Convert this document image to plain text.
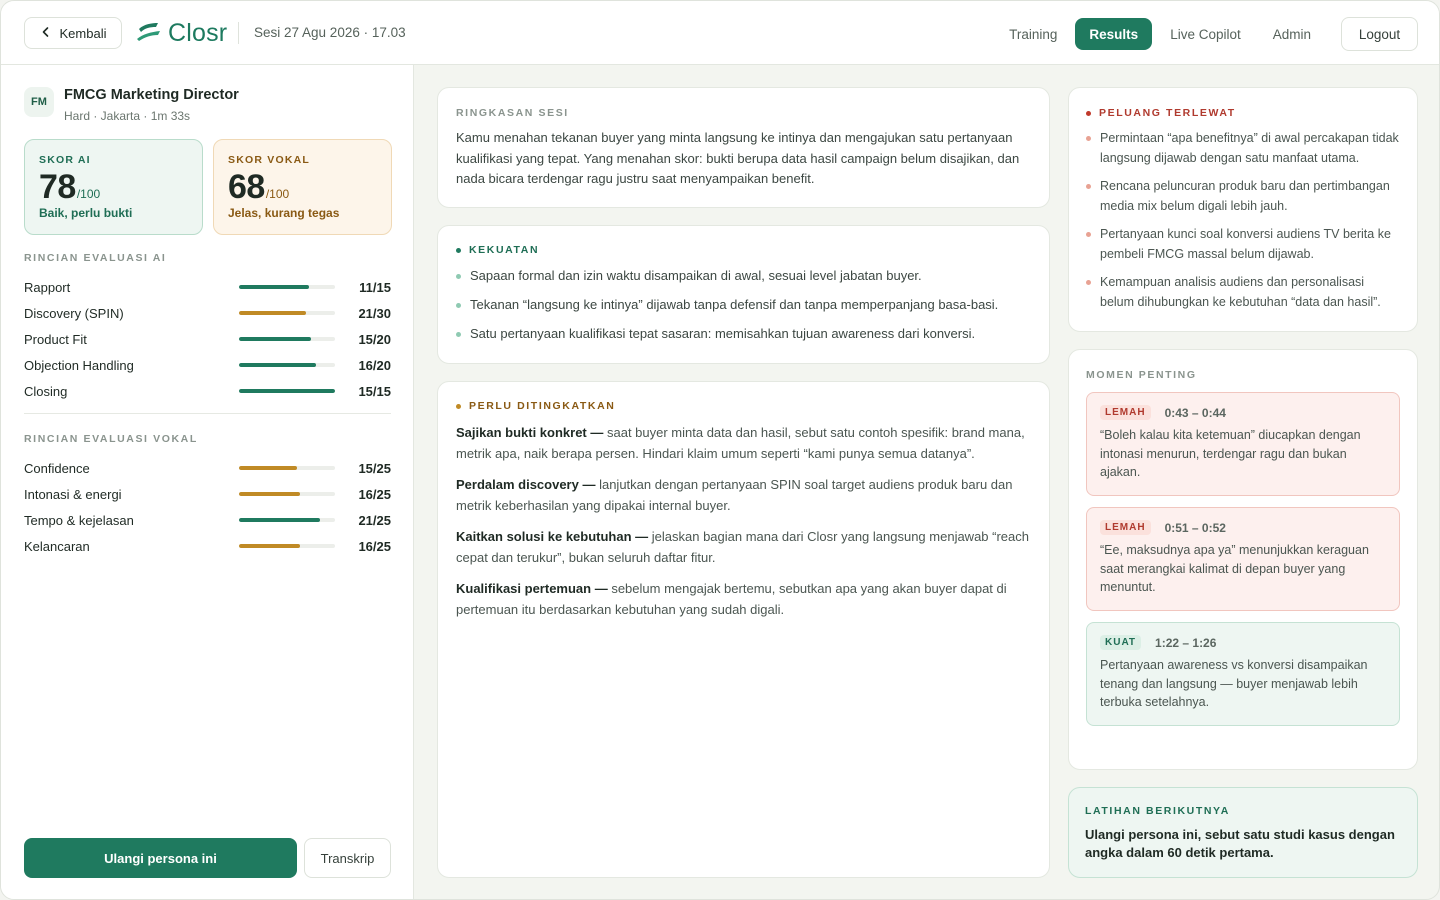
Kembali Closr Sesi 27 Agu 2026 · 17.03	Training	Results	Live Copilot	Admin	Logout
FM	FMCG Marketing Director
Hard · Jakarta · 1m 33s
SKOR AI
78 /100
Baik, perlu bukti
SKOR VOKAL
68 /100
Jelas, kurang tegas
RINCIAN EVALUASI AI
Rapport	11/15
Discovery (SPIN)	21/30
Product Fit	15/20
Objection Handling	16/20
Closing	15/15
RINCIAN EVALUASI VOKAL
Confidence	15/25
Intonasi & energi	16/25
Tempo & kejelasan	21/25
Kelancaran	16/25
Ulangi persona ini	Transkrip
RINGKASAN SESI
Kamu menahan tekanan buyer yang minta langsung ke intinya dan mengajukan satu pertanyaan kualifikasi yang tepat. Yang menahan skor: bukti berupa data hasil campaign belum disajikan, dan nada bicara terdengar ragu justru saat menyampaikan benefit.
KEKUATAN
Sapaan formal dan izin waktu disampaikan di awal, sesuai level jabatan buyer.
Tekanan “langsung ke intinya” dijawab tanpa defensif dan tanpa memperpanjang basa-basi.
Satu pertanyaan kualifikasi tepat sasaran: memisahkan tujuan awareness dari konversi.
PERLU DITINGKATKAN
Sajikan bukti konkret — saat buyer minta data dan hasil, sebut satu contoh spesifik: brand mana, metrik apa, naik berapa persen. Hindari klaim umum seperti “kami punya semua datanya”.
Perdalam discovery — lanjutkan dengan pertanyaan SPIN soal target audiens produk baru dan metrik keberhasilan yang dipakai internal buyer.
Kaitkan solusi ke kebutuhan — jelaskan bagian mana dari Closr yang langsung menjawab “reach cepat dan terukur”, bukan seluruh daftar fitur.
Kualifikasi pertemuan — sebelum mengajak bertemu, sebutkan apa yang akan buyer dapat di pertemuan itu berdasarkan kebutuhan yang sudah digali.
PELUANG TERLEWAT
Permintaan “apa benefitnya” di awal percakapan tidak langsung dijawab dengan satu manfaat utama.
Rencana peluncuran produk baru dan pertimbangan media mix belum digali lebih jauh.
Pertanyaan kunci soal konversi audiens TV berita ke pembeli FMCG massal belum dijawab.
Kemampuan analisis audiens dan personalisasi belum dihubungkan ke kebutuhan “data dan hasil”.
MOMEN PENTING
LEMAH	0:43 – 0:44
“Boleh kalau kita ketemuan” diucapkan dengan intonasi menurun, terdengar ragu dan bukan ajakan.
LEMAH	0:51 – 0:52
“Ee, maksudnya apa ya” menunjukkan keraguan saat merangkai kalimat di depan buyer yang menuntut.
KUAT	1:22 – 1:26
Pertanyaan awareness vs konversi disampaikan tenang dan langsung — buyer menjawab lebih terbuka setelahnya.
LATIHAN BERIKUTNYA
Ulangi persona ini, sebut satu studi kasus dengan angka dalam 60 detik pertama.
